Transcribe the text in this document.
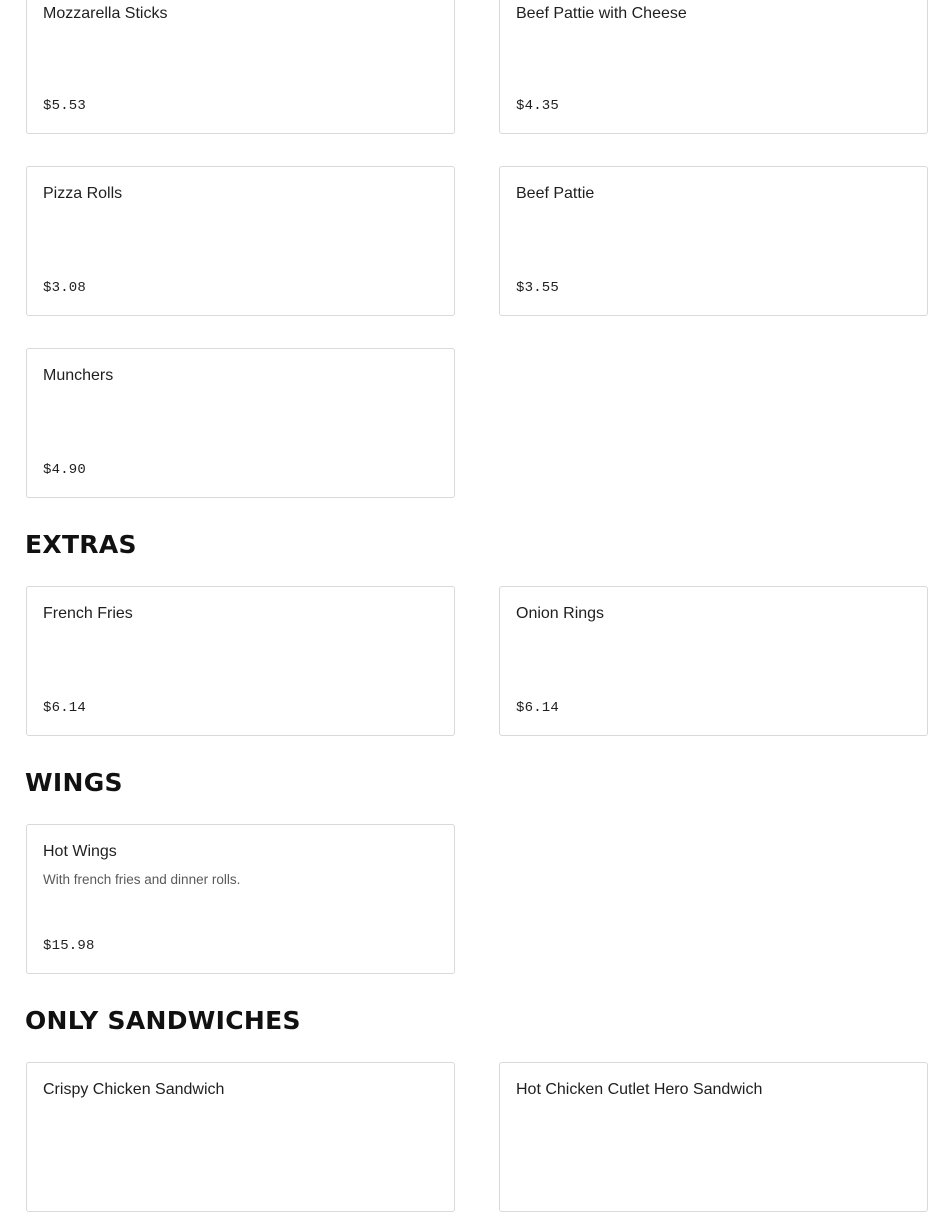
Mozzarella Sticks
$5.53
Beef Pattie with Cheese
$4.35
Pizza Rolls
$3.08
Beef Pattie
$3.55
Munchers
$4.90
EXTRAS
French Fries
$6.14
Onion Rings
$6.14
WINGS
Hot Wings
With french fries and dinner rolls.
$15.98
ONLY SANDWICHES
Crispy Chicken Sandwich	Hot Chicken Cutlet Hero Sandwich
